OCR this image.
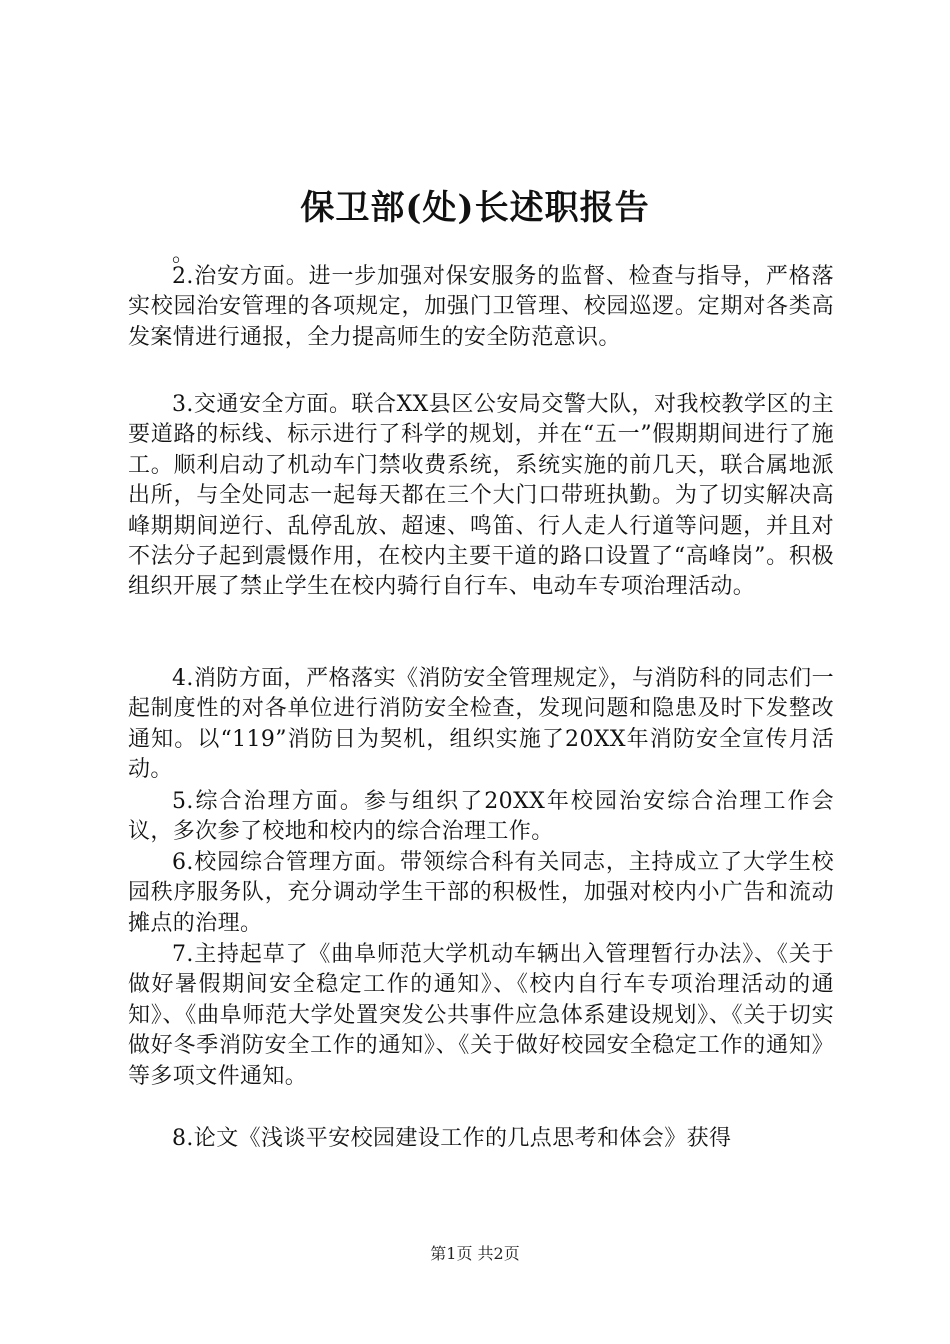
保卫部(处)长述职报告
。

2.治安方面。进一步加强对保安服务的监督、检查与指导，严格落实校园治安管理的各项规定，加强门卫管理、校园巡逻。定期对各类高发案情进行通报，全力提高师生的安全防范意识。

3.交通安全方面。联合XX县区公安局交警大队，对我校教学区的主要道路的标线、标示进行了科学的规划，并在“五一”假期期间进行了施工。顺利启动了机动车门禁收费系统，系统实施的前几天，联合属地派出所，与全处同志一起每天都在三个大门口带班执勤。为了切实解决高峰期期间逆行、乱停乱放、超速、鸣笛、行人走人行道等问题，并且对不法分子起到震慑作用，在校内主要干道的路口设置了“高峰岗”。积极组织开展了禁止学生在校内骑行自行车、电动车专项治理活动。

4.消防方面，严格落实《消防安全管理规定》，与消防科的同志们一起制度性的对各单位进行消防安全检查，发现问题和隐患及时下发整改通知。以“119”消防日为契机，组织实施了20XX年消防安全宣传月活动。

5.综合治理方面。参与组织了20XX年校园治安综合治理工作会议，多次参了校地和校内的综合治理工作。

6.校园综合管理方面。带领综合科有关同志，主持成立了大学生校园秩序服务队，充分调动学生干部的积极性，加强对校内小广告和流动摊点的治理。

7.主持起草了《曲阜师范大学机动车辆出入管理暂行办法》、《关于做好暑假期间安全稳定工作的通知》、《校内自行车专项治理活动的通知》、《曲阜师范大学处置突发公共事件应急体系建设规划》、《关于切实做好冬季消防安全工作的通知》、《关于做好校园安全稳定工作的通知》等多项文件通知。

8.论文《浅谈平安校园建设工作的几点思考和体会》获得

第1页 共2页
